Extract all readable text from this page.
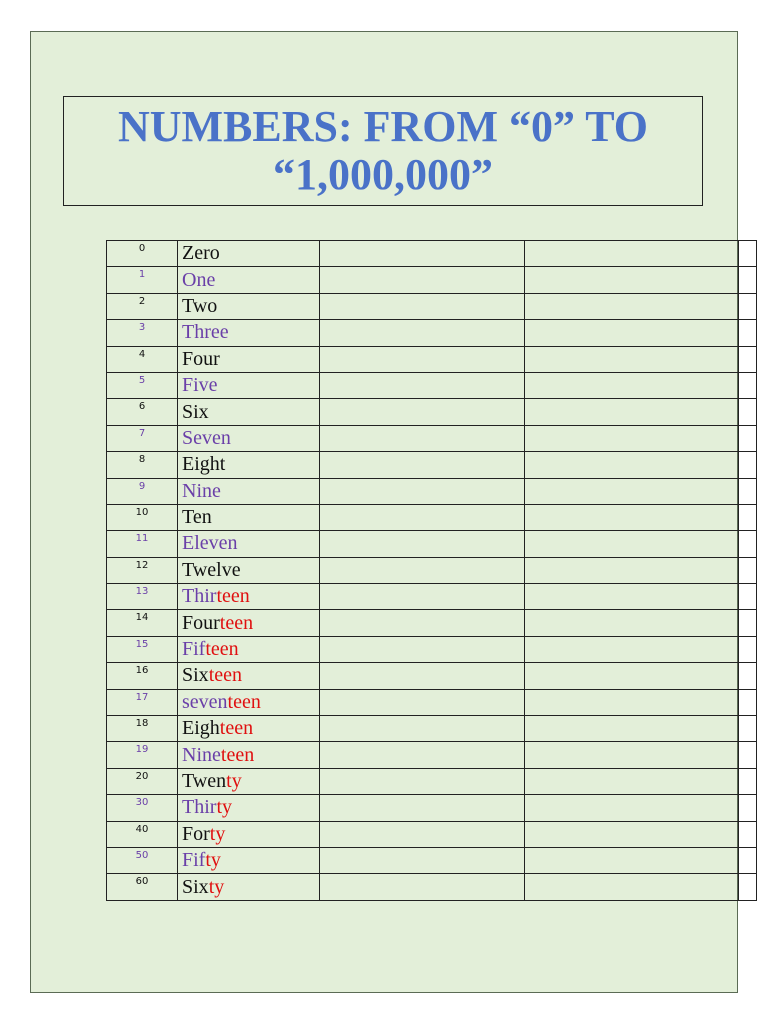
NUMBERS: FROM “0” TO
“1,000,000”
0	Zero			
1	One			
2	Two			
3	Three			
4	Four			
5	Five			
6	Six			
7	Seven			
8	Eight			
9	Nine			
10	Ten			
11	Eleven			
12	Twelve			
13	Thirteen			
14	Fourteen			
15	Fifteen			
16	Sixteen			
17	seventeen			
18	Eighteen			
19	Nineteen			
20	Twenty			
30	Thirty			
40	Forty			
50	Fifty			
60	Sixty			
